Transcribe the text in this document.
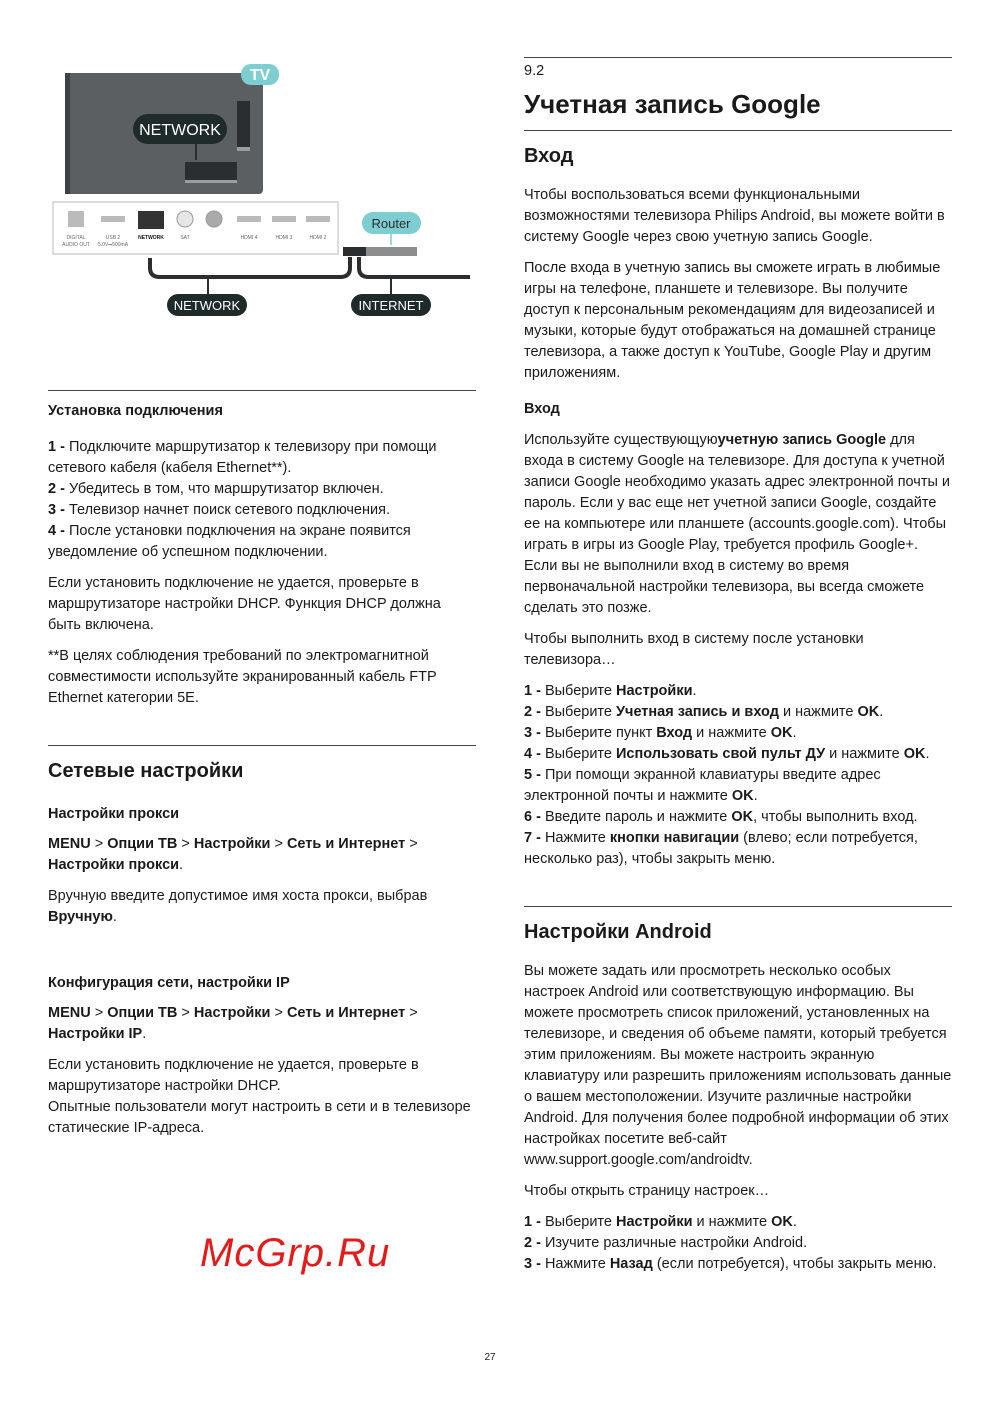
NETWORK
TV
DIGITAL
AUDIO OUT
USB 2
5.0V⎓500mA
NETWORK	SAT	HDMI 4	HDMI 3	HDMI 2
Router
NETWORK	INTERNET

Установка подключения

1 - Подключите маршрутизатор к телевизору при помощи сетевого кабеля (кабеля Ethernet**).
2 - Убедитесь в том, что маршрутизатор включен.
3 - Телевизор начнет поиск сетевого подключения.
4 - После установки подключения на экране появится уведомление об успешном подключении.

Если установить подключение не удается, проверьте в маршрутизаторе настройки DHCP. Функция DHCP должна быть включена.

**В целях соблюдения требований по электромагнитной совместимости используйте экранированный кабель FTP Ethernet категории 5E.

Сетевые настройки

Настройки прокси

MENU > Опции ТВ > Настройки > Сеть и Интернет > Настройки прокси.

Вручную введите допустимое имя хоста прокси, выбрав Вручную.

Конфигурация сети, настройки IP

MENU > Опции ТВ > Настройки > Сеть и Интернет > Настройки IP.

Если установить подключение не удается, проверьте в маршрутизаторе настройки DHCP.

Опытные пользователи могут настроить в сети и в телевизоре статические IP-адреса.

9.2

Учетная запись Google

Вход

Чтобы воспользоваться всеми функциональными возможностями телевизора Philips Android, вы можете войти в систему Google через свою учетную запись Google.

После входа в учетную запись вы сможете играть в любимые игры на телефоне, планшете и телевизоре. Вы получите доступ к персональным рекомендациям для видеозаписей и музыки, которые будут отображаться на домашней странице телевизора, а также доступ к YouTube, Google Play и другим приложениям.

Вход

Используйте существующуюучетную запись Google для входа в систему Google на телевизоре. Для доступа к учетной записи Google необходимо указать адрес электронной почты и пароль. Если у вас еще нет учетной записи Google, создайте ее на компьютере или планшете (accounts.google.com). Чтобы играть в игры из Google Play, требуется профиль Google+. Если вы не выполнили вход в систему во время первоначальной настройки телевизора, вы всегда сможете сделать это позже.

Чтобы выполнить вход в систему после установки телевизора…

1 - Выберите Настройки.
2 - Выберите Учетная запись и вход и нажмите OK.
3 - Выберите пункт Вход и нажмите OK.
4 - Выберите Использовать свой пульт ДУ и нажмите OK.
5 - При помощи экранной клавиатуры введите адрес электронной почты и нажмите OK.
6 - Введите пароль и нажмите OK, чтобы выполнить вход.
7 - Нажмите кнопки навигации (влево; если потребуется, несколько раз), чтобы закрыть меню.

Настройки Android

Вы можете задать или просмотреть несколько особых настроек Android или соответствующую информацию. Вы можете просмотреть список приложений, установленных на телевизоре, и сведения об объеме памяти, который требуется этим приложениям. Вы можете настроить экранную клавиатуру или разрешить приложениям использовать данные о вашем местоположении. Изучите различные настройки Android. Для получения более подробной информации об этих настройках посетите веб-сайт www.support.google.com/androidtv.

Чтобы открыть страницу настроек…

1 - Выберите Настройки и нажмите OK.
2 - Изучите различные настройки Android.
3 - Нажмите Назад (если потребуется), чтобы закрыть меню.
McGrp.Ru
27
